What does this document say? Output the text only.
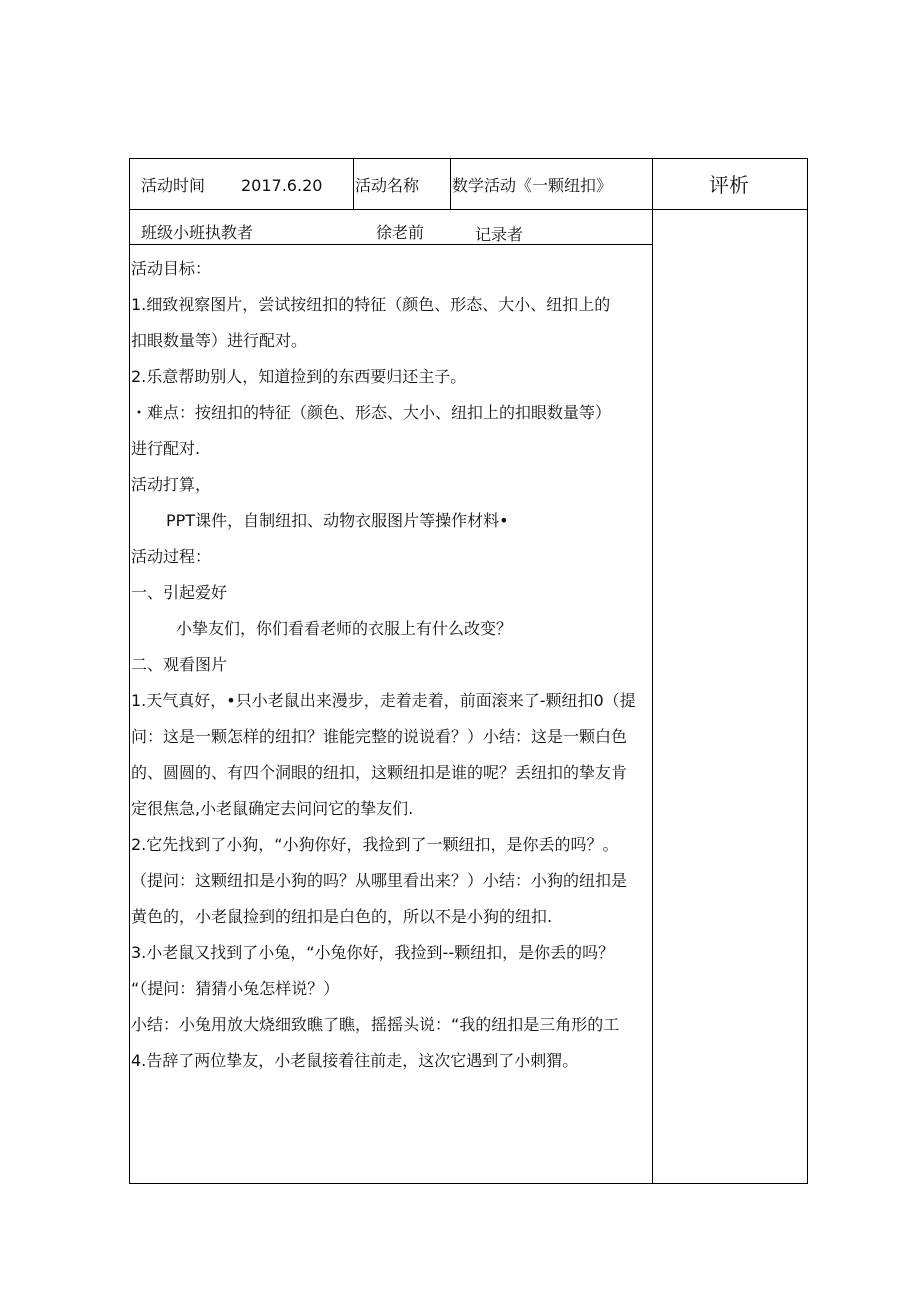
活动时间 2017.6.20 活动名称 数学活动《一颗纽扣》	评析
班级小班执教者	徐老前	记录者
活动目标：
1.细致视察图片，尝试按纽扣的特征（颜色、形态、大小、纽扣上的
扣眼数量等）进行配对。
2.乐意帮助别人，知道捡到的东西要归还主子。
・难点：按纽扣的特征（颜色、形态、大小、纽扣上的扣眼数量等）
进行配对.
活动打算，
PPT课件，自制纽扣、动物衣服图片等操作材料•
活动过程：
一、引起爱好
小挚友们，你们看看老师的衣服上有什么改变？
二、观看图片
1.天气真好，•只小老鼠出来漫步，走着走着，前面滚来了-颗纽扣0（提
问：这是一颗怎样的纽扣？谁能完整的说说看？）小结：这是一颗白色
的、圆圆的、有四个洞眼的纽扣，这颗纽扣是谁的呢？丢纽扣的挚友肯
定很焦急,小老鼠确定去问问它的挚友们.
2.它先找到了小狗，“小狗你好，我捡到了一颗纽扣，是你丢的吗？。
（提问：这颗纽扣是小狗的吗？从哪里看出来？）小结：小狗的纽扣是
黄色的，小老鼠捡到的纽扣是白色的，所以不是小狗的纽扣.
3.小老鼠又找到了小兔，“小兔你好，我捡到--颗纽扣，是你丢的吗？
“（提问：猜猜小兔怎样说？）
小结：小兔用放大烧细致瞧了瞧，摇摇头说：“我的纽扣是三角形的工
4.告辞了两位挚友，小老鼠接着往前走，这次它遇到了小刺猬。
